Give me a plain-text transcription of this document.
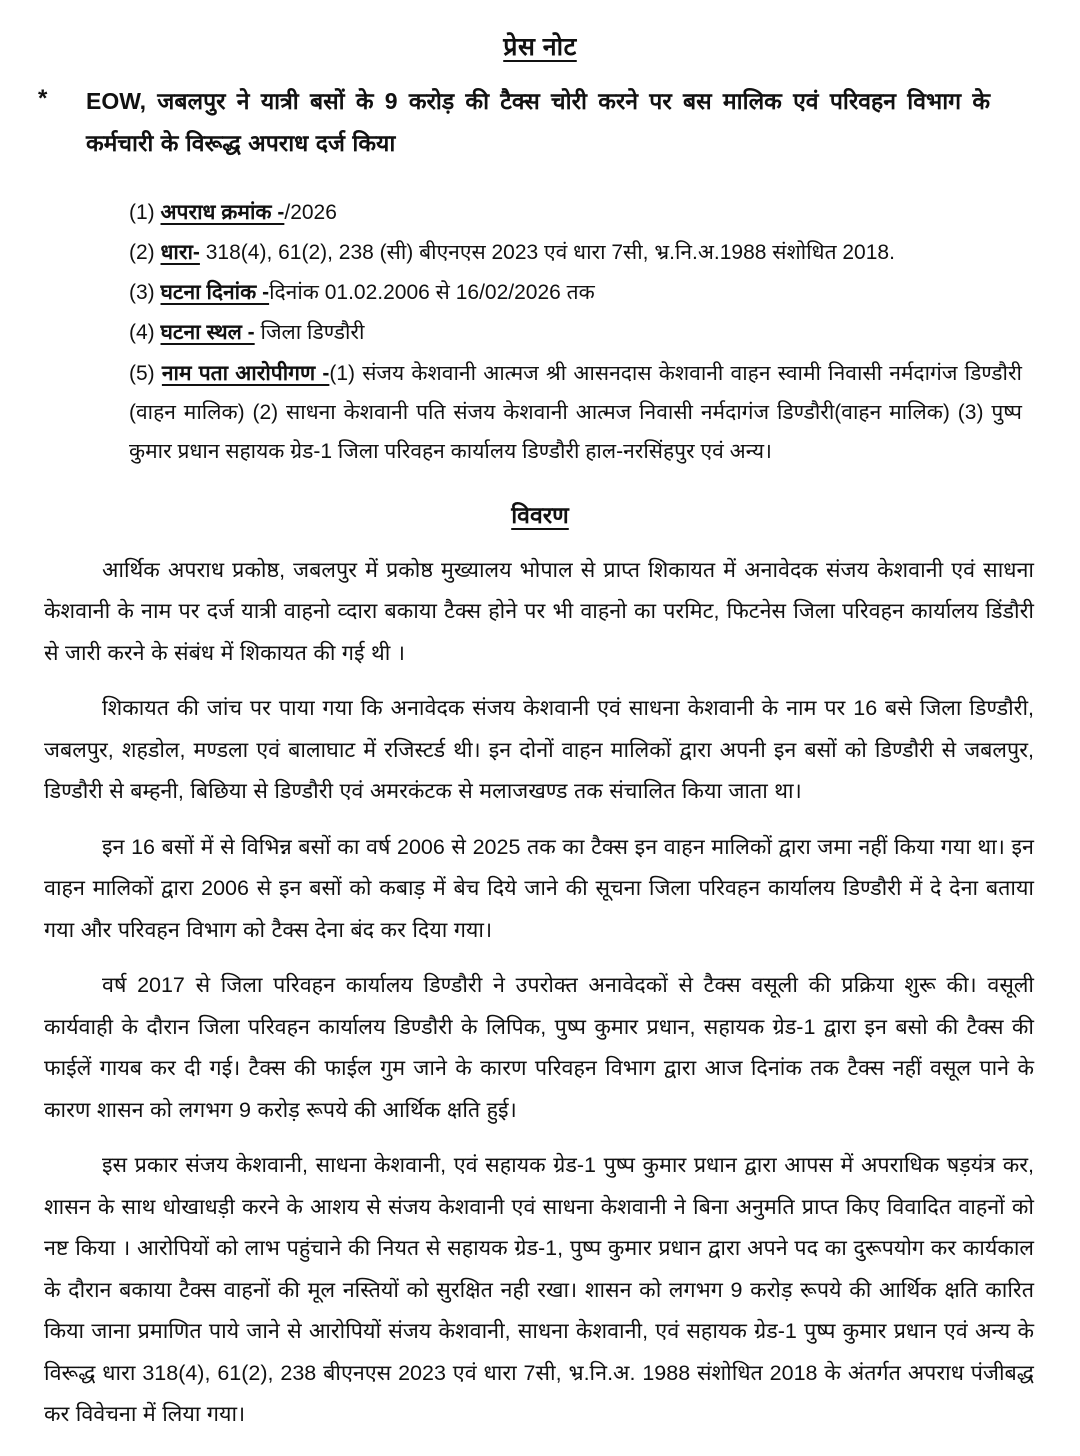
प्रेस नोट
*	EOW, जबलपुर ने यात्री बसों के 9 करोड़ की टैक्स चोरी करने पर बस मालिक एवं परिवहन विभाग के कर्मचारी के विरूद्ध अपराध दर्ज किया
(1) अपराध क्रमांक -/2026
(2) धारा- 318(4), 61(2), 238 (सी) बीएनएस 2023 एवं धारा 7सी, भ्र.नि.अ.1988 संशोधित 2018.
(3) घटना दिनांक -दिनांक 01.02.2006 से 16/02/2026 तक
(4) घटना स्थल - जिला डिण्डौरी
(5) नाम पता आरोपीगण -(1) संजय केशवानी आत्मज श्री आसनदास केशवानी वाहन स्वामी निवासी नर्मदागंज डिण्डौरी (वाहन मालिक) (2) साधना केशवानी पति संजय केशवानी आत्मज निवासी नर्मदागंज डिण्डौरी(वाहन मालिक) (3) पुष्प कुमार प्रधान सहायक ग्रेड-1 जिला परिवहन कार्यालय डिण्डौरी हाल-नरसिंहपुर एवं अन्य।
विवरण

आर्थिक अपराध प्रकोष्ठ, जबलपुर में प्रकोष्ठ मुख्यालय भोपाल से प्राप्त शिकायत में अनावेदक संजय केशवानी एवं साधना केशवानी के नाम पर दर्ज यात्री वाहनो व्दारा बकाया टैक्स होने पर भी वाहनो का परमिट, फिटनेस जिला परिवहन कार्यालय डिंडौरी से जारी करने के संबंध में शिकायत की गई थी ।

शिकायत की जांच पर पाया गया कि अनावेदक संजय केशवानी एवं साधना केशवानी के नाम पर 16 बसे जिला डिण्डौरी, जबलपुर, शहडोल, मण्डला एवं बालाघाट में रजिस्टर्ड थी। इन दोनों वाहन मालिकों द्वारा अपनी इन बसों को डिण्डौरी से जबलपुर, डिण्डौरी से बम्हनी, बिछिया से डिण्डौरी एवं अमरकंटक से मलाजखण्ड तक संचालित किया जाता था।

इन 16 बसों में से विभिन्न बसों का वर्ष 2006 से 2025 तक का टैक्स इन वाहन मालिकों द्वारा जमा नहीं किया गया था। इन वाहन मालिकों द्वारा 2006 से इन बसों को कबाड़ में बेच दिये जाने की सूचना जिला परिवहन कार्यालय डिण्डौरी में दे देना बताया गया और परिवहन विभाग को टैक्स देना बंद कर दिया गया।

वर्ष 2017 से जिला परिवहन कार्यालय डिण्डौरी ने उपरोक्त अनावेदकों से टैक्स वसूली की प्रक्रिया शुरू की। वसूली कार्यवाही के दौरान जिला परिवहन कार्यालय डिण्डौरी के लिपिक, पुष्प कुमार प्रधान, सहायक ग्रेड-1 द्वारा इन बसो की टैक्स की फाईलें गायब कर दी गई। टैक्स की फाईल गुम जाने के कारण परिवहन विभाग द्वारा आज दिनांक तक टैक्स नहीं वसूल पाने के कारण शासन को लगभग 9 करोड़ रूपये की आर्थिक क्षति हुई।

इस प्रकार संजय केशवानी, साधना केशवानी, एवं सहायक ग्रेड-1 पुष्प कुमार प्रधान द्वारा आपस में अपराधिक षड़यंत्र कर, शासन के साथ धोखाधड़ी करने के आशय से संजय केशवानी एवं साधना केशवानी ने बिना अनुमति प्राप्त किए विवादित वाहनों को नष्ट किया । आरोपियों को लाभ पहुंचाने की नियत से सहायक ग्रेड-1, पुष्प कुमार प्रधान द्वारा अपने पद का दुरूपयोग कर कार्यकाल के दौरान बकाया टैक्स वाहनों की मूल नस्तियों को सुरक्षित नही रखा। शासन को लगभग 9 करोड़ रूपये की आर्थिक क्षति कारित किया जाना प्रमाणित पाये जाने से आरोपियों संजय केशवानी, साधना केशवानी, एवं सहायक ग्रेड-1 पुष्प कुमार प्रधान एवं अन्य के विरूद्ध धारा 318(4), 61(2), 238 बीएनएस 2023 एवं धारा 7सी, भ्र.नि.अ. 1988 संशोधित 2018 के अंतर्गत अपराध पंजीबद्ध कर विवेचना में लिया गया।
